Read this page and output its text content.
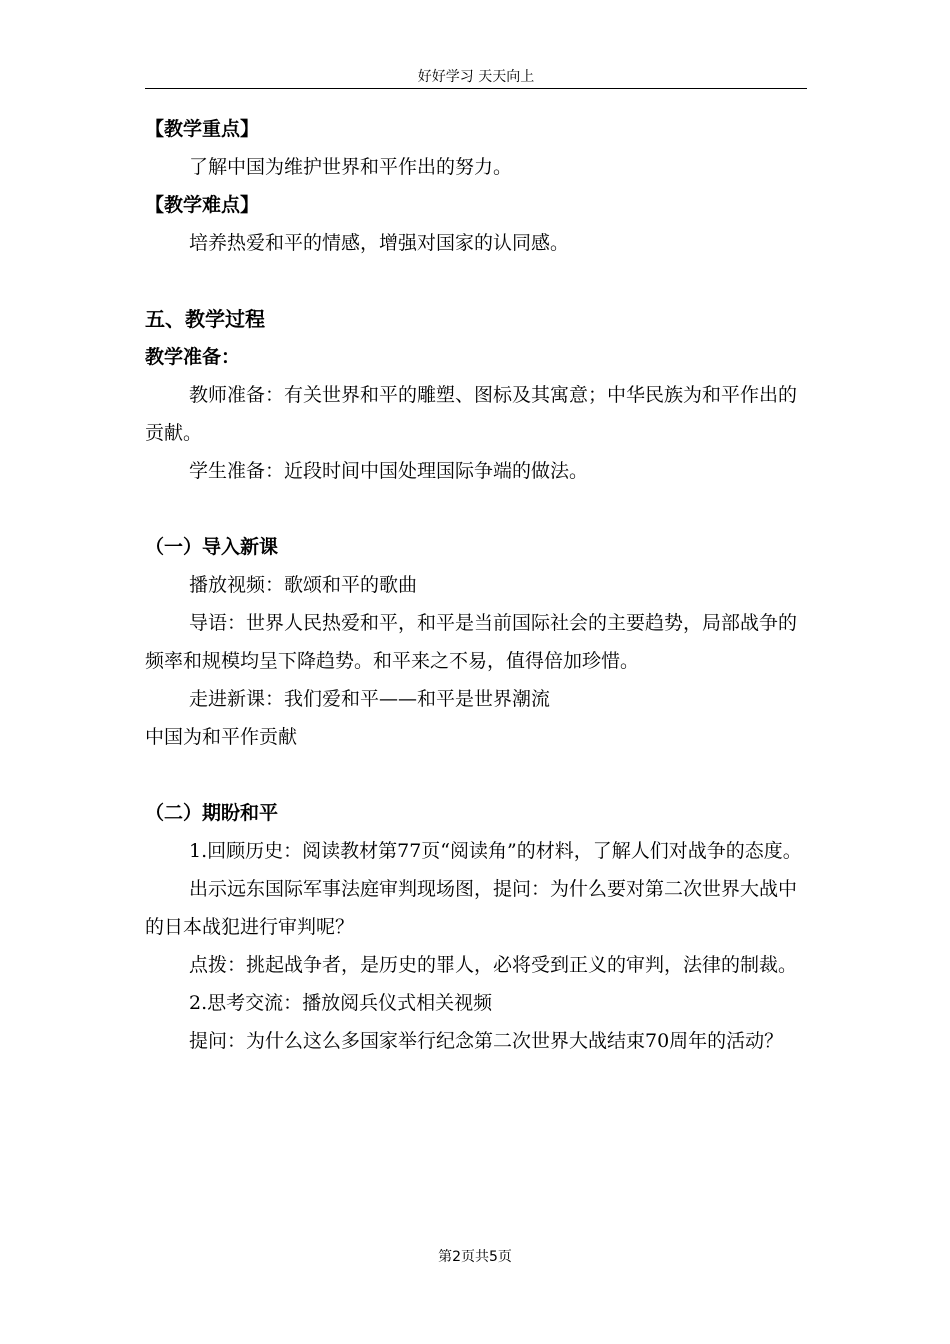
好好学习 天天向上

【教学重点】

了解中国为维护世界和平作出的努力。

【教学难点】

培养热爱和平的情感，增强对国家的认同感。

五、教学过程

教学准备：

教师准备：有关世界和平的雕塑、图标及其寓意；中华民族为和平作出的贡献。

学生准备：近段时间中国处理国际争端的做法。

（一）导入新课

播放视频：歌颂和平的歌曲

导语：世界人民热爱和平，和平是当前国际社会的主要趋势，局部战争的频率和规模均呈下降趋势。和平来之不易，值得倍加珍惜。

走进新课：我们爱和平——和平是世界潮流

中国为和平作贡献

（二）期盼和平

1.回顾历史：阅读教材第77页“阅读角”的材料，了解人们对战争的态度。

出示远东国际军事法庭审判现场图，提问：为什么要对第二次世界大战中的日本战犯进行审判呢？

点拨：挑起战争者，是历史的罪人，必将受到正义的审判，法律的制裁。

2.思考交流：播放阅兵仪式相关视频

提问：为什么这么多国家举行纪念第二次世界大战结束70周年的活动？

第2页共5页
